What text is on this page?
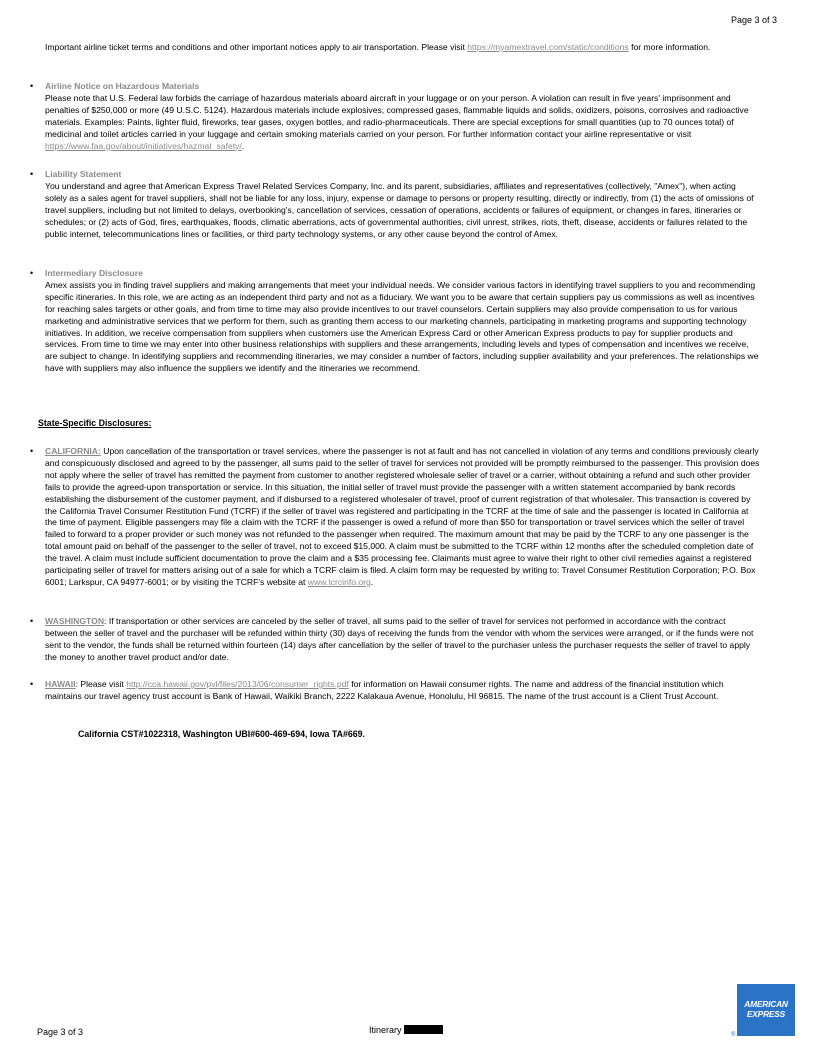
Page 3 of 3
Important airline ticket terms and conditions and other important notices apply to air transportation. Please visit https://myamextravel.com/static/conditions for more information.
•	Airline Notice on Hazardous Materials
Please note that U.S. Federal law forbids the carriage of hazardous materials aboard aircraft in your luggage or on your person. A violation can result in five years' imprisonment and penalties of $250,000 or more (49 U.S.C. 5124). Hazardous materials include explosives, compressed gases, flammable liquids and solids, oxidizers, poisons, corrosives and radioactive materials. Examples: Paints, lighter fluid, fireworks, tear gases, oxygen bottles, and radio-pharmaceuticals. There are special exceptions for small quantities (up to 70 ounces total) of medicinal and toilet articles carried in your luggage and certain smoking materials carried on your person. For further information contact your airline representative or visit https://www.faa.gov/about/initiatives/hazmat_safety/.
•	Liability Statement
You understand and agree that American Express Travel Related Services Company, Inc. and its parent, subsidiaries, affiliates and representatives (collectively, "Amex"), when acting solely as a sales agent for travel suppliers, shall not be liable for any loss, injury, expense or damage to persons or property resulting, directly or indirectly, from (1) the acts of omissions of travel suppliers, including but not limited to delays, overbooking's, cancellation of services, cessation of operations, accidents or failures of equipment, or changes in fares, itineraries or schedules; or (2) acts of God, fires, earthquakes, floods, climatic aberrations, acts of governmental authorities, civil unrest, strikes, riots, theft, disease, accidents or failures related to the public internet, telecommunications lines or facilities, or third party technology systems, or any other cause beyond the control of Amex.
•	Intermediary Disclosure
Amex assists you in finding travel suppliers and making arrangements that meet your individual needs. We consider various factors in identifying travel suppliers to you and recommending specific itineraries. In this role, we are acting as an independent third party and not as a fiduciary. We want you to be aware that certain suppliers pay us commissions as well as incentives for reaching sales targets or other goals, and from time to time may also provide incentives to our travel counselors. Certain suppliers may also provide compensation to us for various marketing and administrative services that we perform for them, such as granting them access to our marketing channels, participating in marketing programs and supporting technology initiatives. In addition, we receive compensation from suppliers when customers use the American Express Card or other American Express products to pay for supplier products and services. From time to time we may enter into other business relationships with suppliers and these arrangements, including levels and types of compensation and incentives we receive, are subject to change. In identifying suppliers and recommending itineraries, we may consider a number of factors, including supplier availability and your preferences. The relationships we have with suppliers may also influence the suppliers we identify and the itineraries we recommend.
State-Specific Disclosures:
•	CALIFORNIA: Upon cancellation of the transportation or travel services, where the passenger is not at fault and has not cancelled in violation of any terms and conditions previously clearly and conspicuously disclosed and agreed to by the passenger, all sums paid to the seller of travel for services not provided will be promptly reimbursed to the passenger. This provision does not apply where the seller of travel has remitted the payment from customer to another registered wholesale seller of travel or a carrier, without obtaining a refund and such other provider fails to provide the agreed-upon transportation or service. In this situation, the initial seller of travel must provide the passenger with a written statement accompanied by bank records establishing the disbursement of the customer payment, and if disbursed to a registered wholesaler of travel, proof of current registration of that wholesaler. This transaction is covered by the California Travel Consumer Restitution Fund (TCRF) if the seller of travel was registered and participating in the TCRF at the time of sale and the passenger is located in California at the time of payment. Eligible passengers may file a claim with the TCRF if the passenger is owed a refund of more than $50 for transportation or travel services which the seller of travel failed to forward to a proper provider or such money was not refunded to the passenger when required. The maximum amount that may be paid by the TCRF to any one passenger is the total amount paid on behalf of the passenger to the seller of travel, not to exceed $15,000. A claim must be submitted to the TCRF within 12 months after the scheduled completion date of the travel. A claim must include sufficient documentation to prove the claim and a $35 processing fee. Claimants must agree to waive their right to other civil remedies against a registered participating seller of travel for matters arising out of a sale for which a TCRF claim is filed. A claim form may be requested by writing to: Travel Consumer Restitution Corporation; P.O. Box 6001; Larkspur, CA 94977-6001; or by visiting the TCRF's website at www.tcrcinfo.org.
•	WASHINGTON: If transportation or other services are canceled by the seller of travel, all sums paid to the seller of travel for services not performed in accordance with the contract between the seller of travel and the purchaser will be refunded within thirty (30) days of receiving the funds from the vendor with whom the services were arranged, or if the funds were not sent to the vendor, the funds shall be returned within fourteen (14) days after cancellation by the seller of travel to the purchaser unless the purchaser requests the seller of travel to apply the money to another travel product and/or date.
•	HAWAII: Please visit http://cca.hawaii.gov/pvl/files/2013/06/consumer_rights.pdf for information on Hawaii consumer rights. The name and address of the financial institution which maintains our travel agency trust account is Bank of Hawaii, Waikiki Branch, 2222 Kalakaua Avenue, Honolulu, HI 96815. The name of the trust account is a Client Trust Account.
California CST#1022318, Washington UBI#600-469-694, Iowa TA#669.
Page 3 of 3	Itinerary
AMERICAN
EXPRESS
®
